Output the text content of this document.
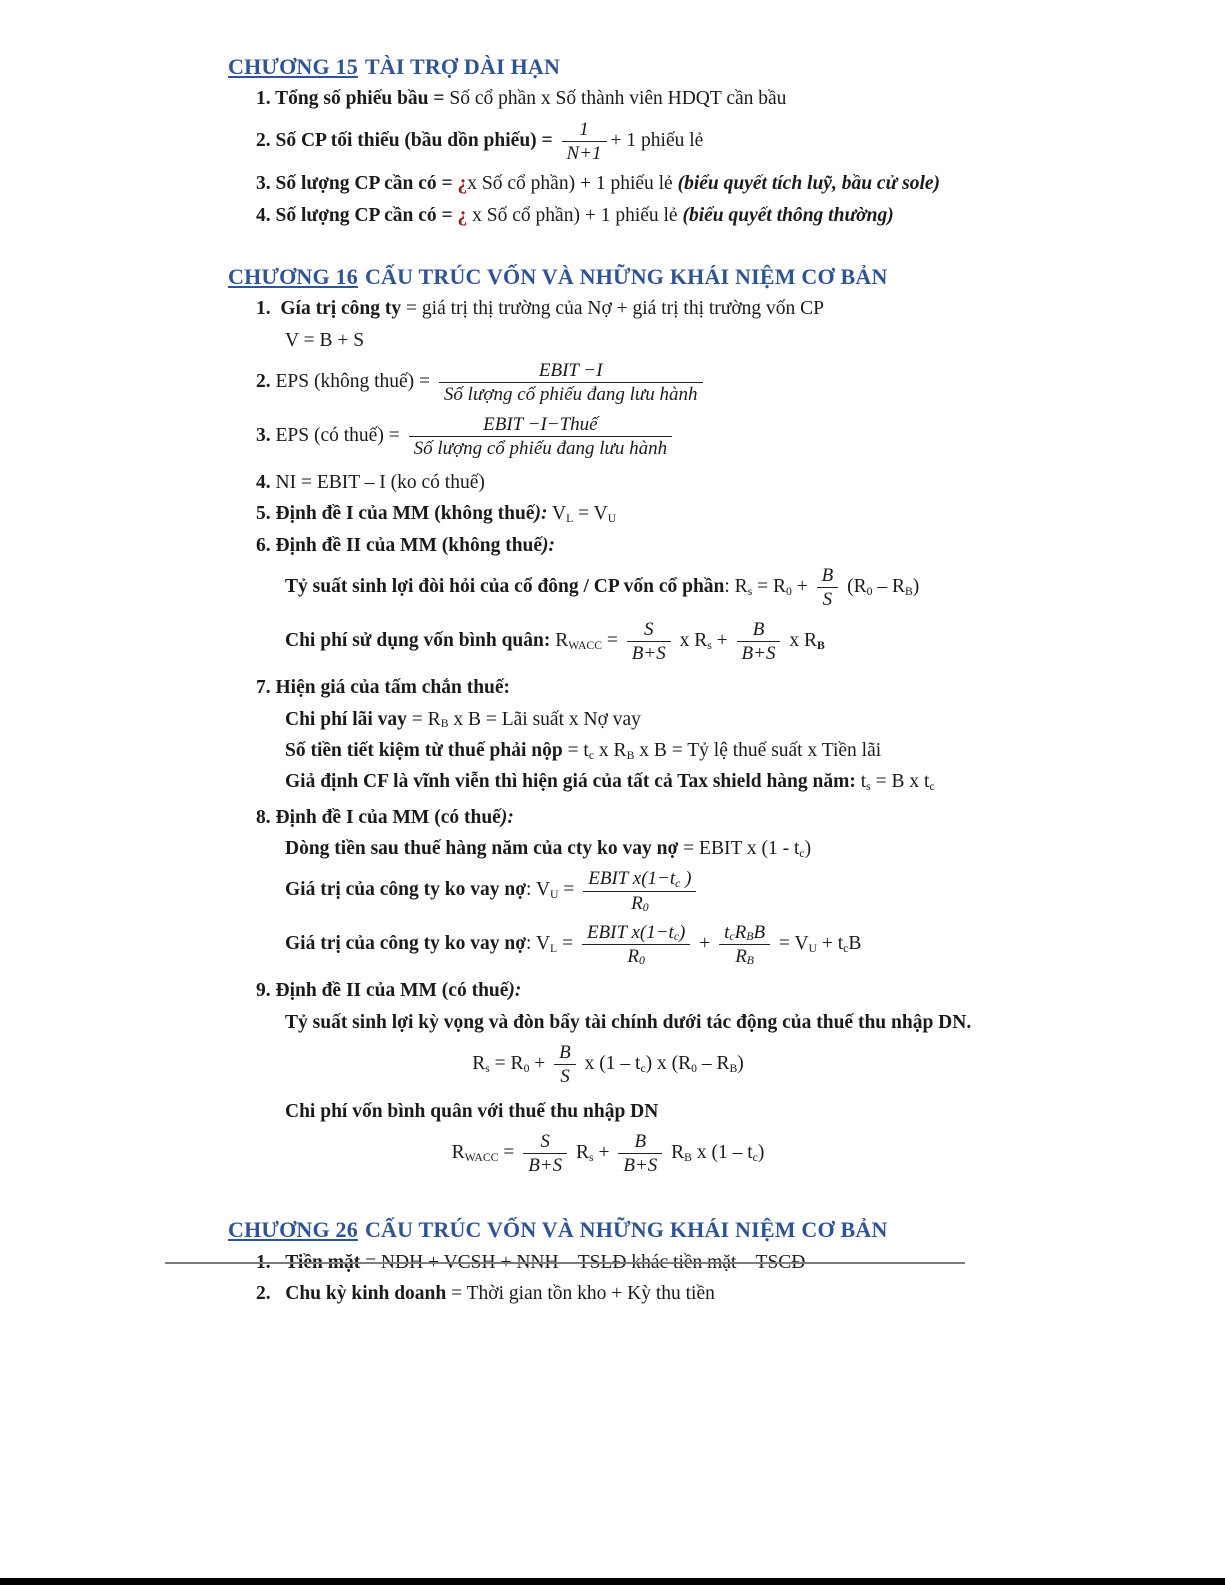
CHƯƠNG 15 TÀI TRỢ DÀI HẠN

1. Tổng số phiếu bầu = Số cổ phần x Số thành viên HDQT cần bầu

2. Số CP tối thiểu (bầu dồn phiếu) = $\frac{1}{N+1} + 1$ phiếu lẻ

3. Số lượng CP cần có = ¿x Số cổ phần) + 1 phiếu lẻ (biểu quyết tích luỹ, bầu cử sole)

4. Số lượng CP cần có = ¿ x Số cổ phần) + 1 phiếu lẻ (biểu quyết thông thường)

CHƯƠNG 16 CẤU TRÚC VỐN VÀ NHỮNG KHÁI NIỆM CƠ BẢN

1. Gía trị công ty = giá trị thị trường của Nợ + giá trị thị trường vốn CP

V = B + S

2. EPS (không thuế) = $\frac{\text{EBIT −I}}{\text{Số lượng cổ phiếu đang lưu hành}}$

3. EPS (có thuế) = $\frac{\text{EBIT −I−Thuế}}{\text{Số lượng cổ phiếu đang lưu hành}}$

4. NI = EBIT – I (ko có thuế)

5. Định đề I của MM (không thuế): VL = VU

6. Định đề II của MM (không thuế):

Tỷ suất sinh lợi đòi hỏi của cổ đông / CP vốn cổ phần: $Rs = R0 + \frac{B}{S} (R0 - RB)$

Chi phí sử dụng vốn bình quân: RWACC = $\frac{S}{B+S}$ x $Rs + \frac{B}{B+S}$ x RB

7. Hiện giá của tấm chắn thuế:

Chi phí lãi vay = RB x B = Lãi suất x Nợ vay

Số tiền tiết kiệm từ thuế phải nộp = tc x RB x B = Tỷ lệ thuế suất x Tiền lãi

Giả định CF là vĩnh viễn thì hiện giá của tất cả Tax shield hàng năm: ts = B x tc

8. Định đề I của MM (có thuế):

Dòng tiền sau thuế hàng năm của cty ko vay nợ = EBIT x (1 - tc)

Giá trị của công ty ko vay nợ: VU = $\frac{\text{EBIT x(1−tc )}}{R0}$

Giá trị của công ty ko vay nợ: VL = $\frac{\text{EBIT x(1−tc)}}{R0} + \frac{\text{tcRBB}}{RB}$ = VU + tcB

9. Định đề II của MM (có thuế):

Tỷ suất sinh lợi kỳ vọng và đòn bẩy tài chính dưới tác động của thuế thu nhập DN.

$Rs = R0 + \frac{B}{S}$ x (1 – tc) x (R0 – RB)

Chi phí vốn bình quân với thuế thu nhập DN

RWACC = $\frac{S}{B+S}$ $Rs + \frac{B}{B+S}$ RB x (1 – tc)

CHƯƠNG 26 CẤU TRÚC VỐN VÀ NHỮNG KHÁI NIỆM CƠ BẢN

1. Tiền mặt = NDH + VCSH + NNH – TSLĐ khác tiền mặt – TSCĐ

2. Chu kỳ kinh doanh = Thời gian tồn kho + Kỳ thu tiền
